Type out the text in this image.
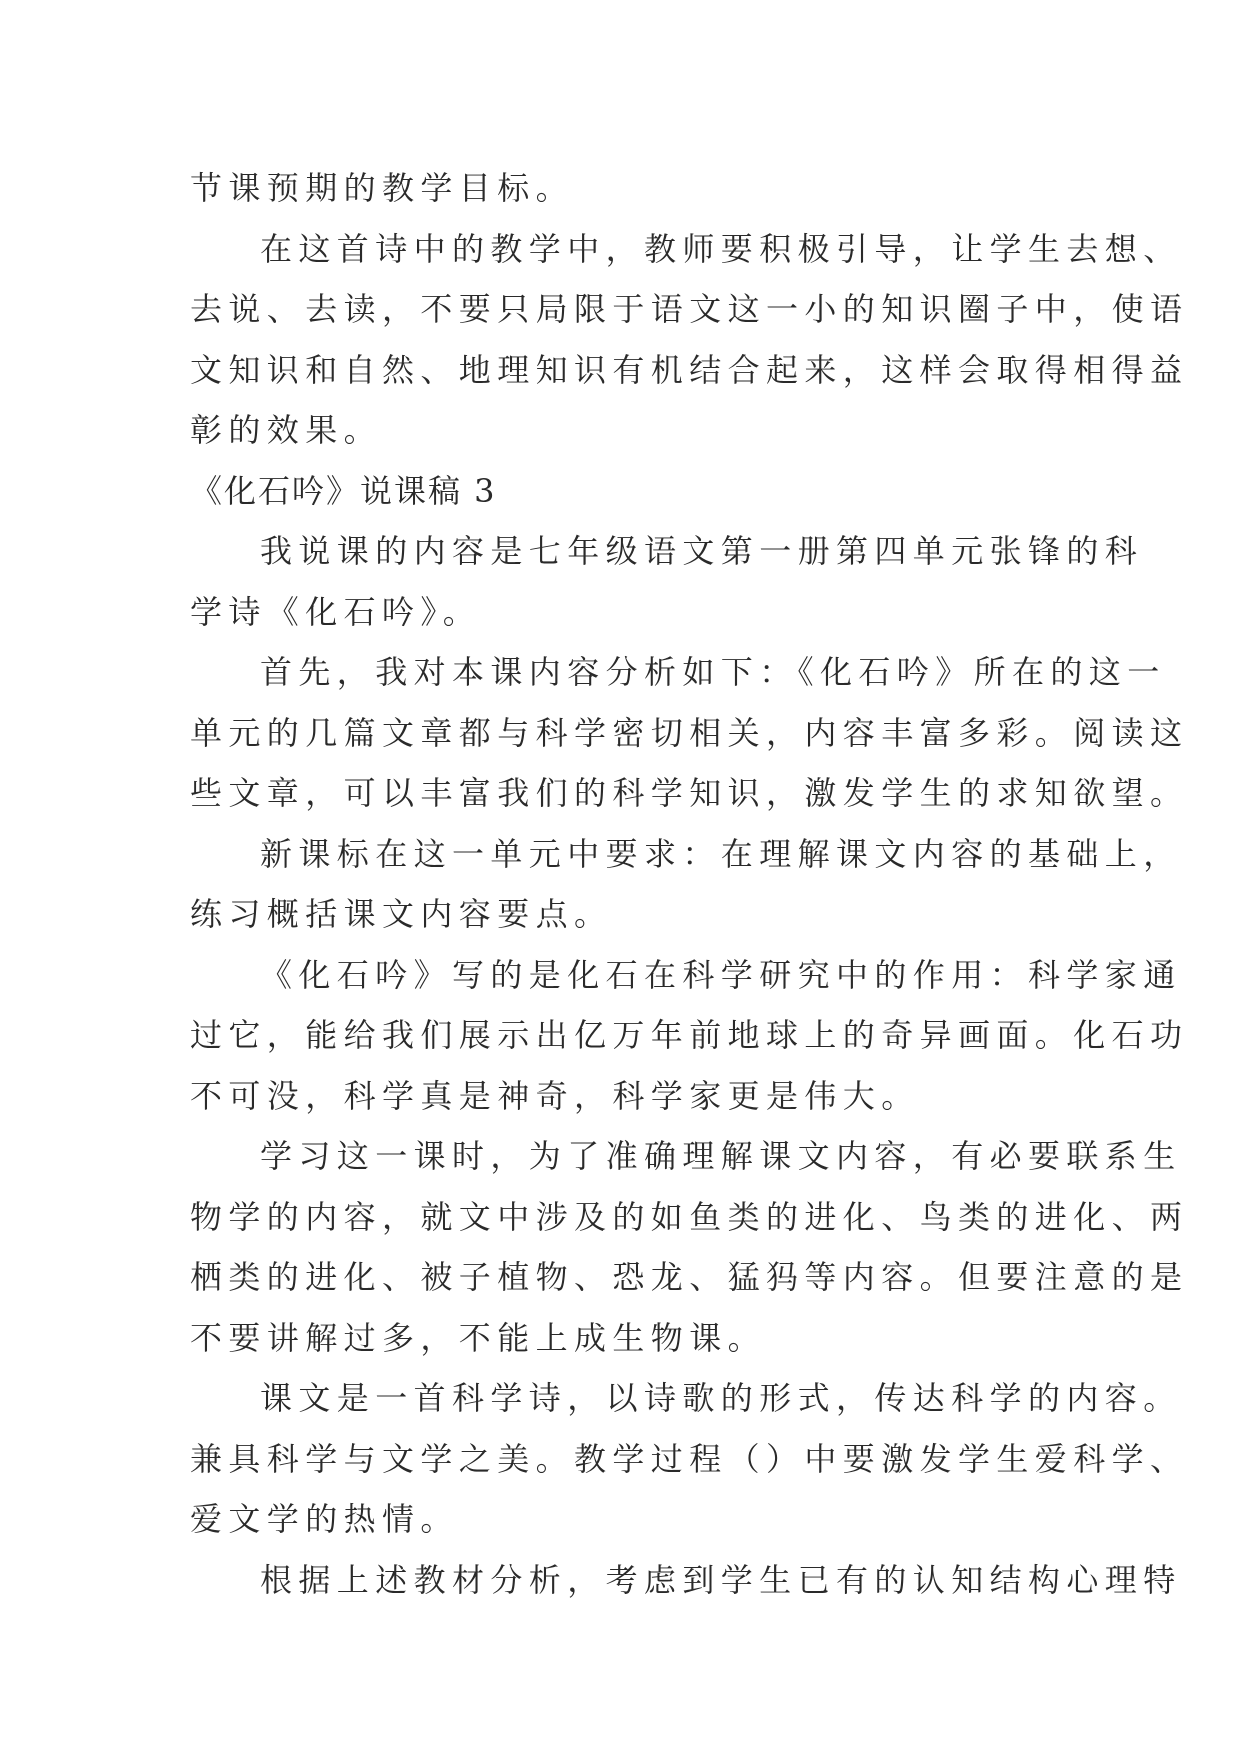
节课预期的教学目标。
在这首诗中的教学中，教师要积极引导，让学生去想、
去说、去读，不要只局限于语文这一小的知识圈子中，使语
文知识和自然、地理知识有机结合起来，这样会取得相得益
彰的效果。
《化石吟》说课稿 3
我说课的内容是七年级语文第一册第四单元张锋的科
学诗《化石吟》。
首先，我对本课内容分析如下：《化石吟》所在的这一
单元的几篇文章都与科学密切相关，内容丰富多彩。阅读这
些文章，可以丰富我们的科学知识，激发学生的求知欲望。
新课标在这一单元中要求：在理解课文内容的基础上，
练习概括课文内容要点。
《化石吟》写的是化石在科学研究中的作用：科学家通
过它，能给我们展示出亿万年前地球上的奇异画面。化石功
不可没，科学真是神奇，科学家更是伟大。
学习这一课时，为了准确理解课文内容，有必要联系生
物学的内容，就文中涉及的如鱼类的进化、鸟类的进化、两
栖类的进化、被子植物、恐龙、猛犸等内容。但要注意的是
不要讲解过多，不能上成生物课。
课文是一首科学诗，以诗歌的形式，传达科学的内容。
兼具科学与文学之美。教学过程（）中要激发学生爱科学、
爱文学的热情。
根据上述教材分析，考虑到学生已有的认知结构心理特
